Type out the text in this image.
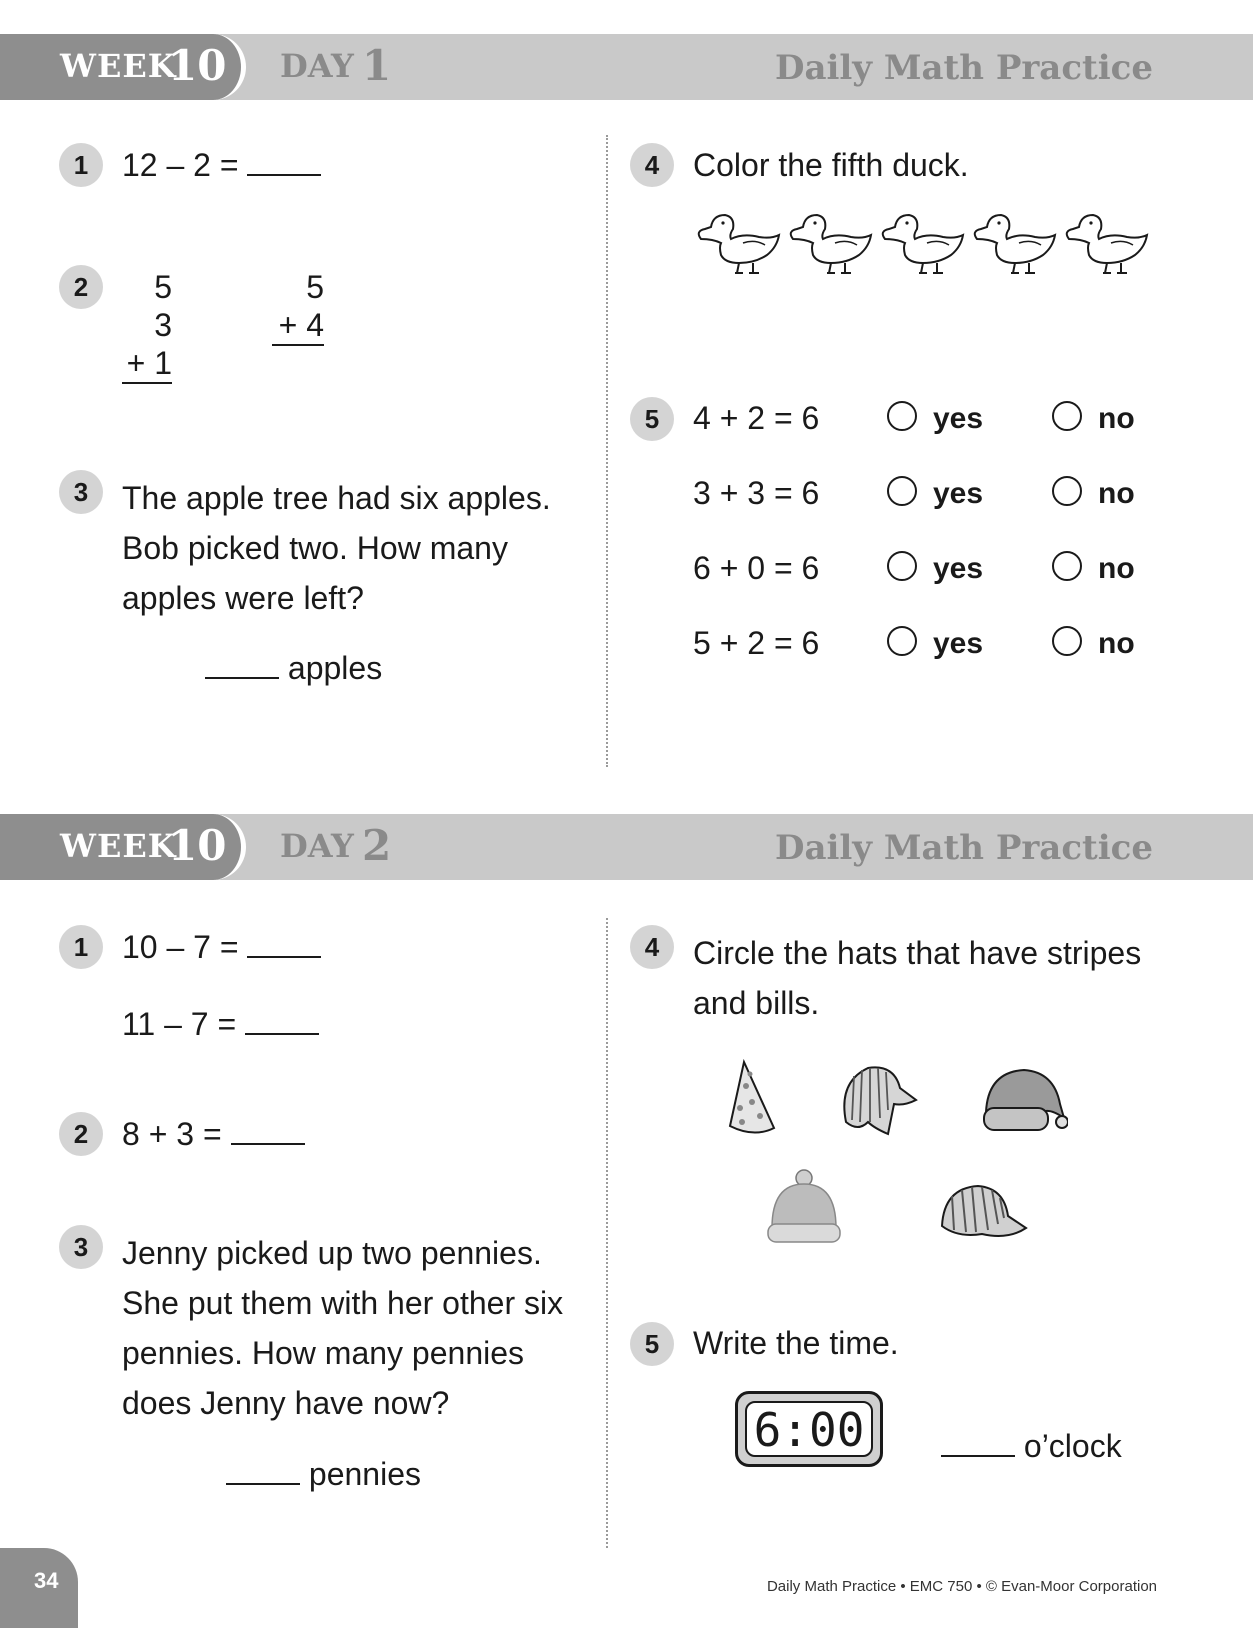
WEEK
10 DAY 1	Daily Math Practice
1	12 – 2 =
2	5
3
+ 1
5
+ 4
3	The apple tree had six apples.
Bob picked two. How many
apples were left?
apples
4	Color the fifth duck.
5	4 + 2 = 6	yes	no
3 + 3 = 6	yes	no
6 + 0 = 6	yes	no
5 + 2 = 6	yes	no
WEEK
10 DAY 2	Daily Math Practice
1	10 – 7 =
11 – 7 =
2	8 + 3 =
3	Jenny picked up two pennies.
She put them with her other six
pennies. How many pennies
does Jenny have now?
pennies
4	Circle the hats that have stripes
and bills.
5	Write the time.
6:00	o’clock
34	Daily Math Practice • EMC 750 • © Evan-Moor Corporation
